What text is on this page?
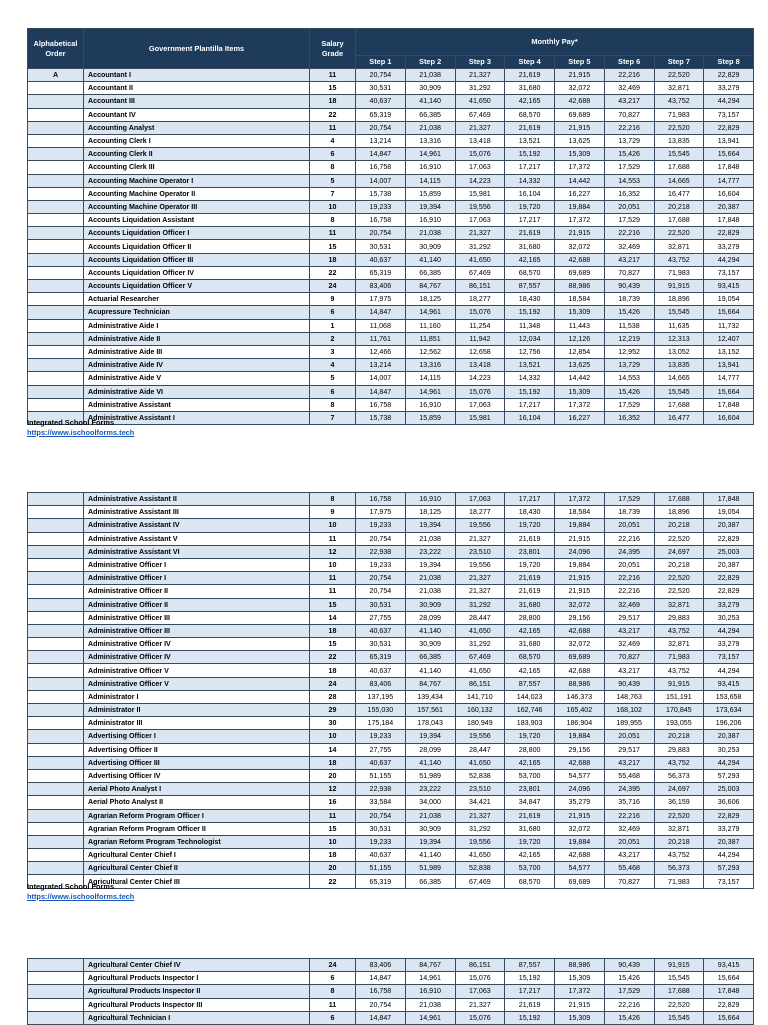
Alphabetical Order	Government Plantilla Items	Salary Grade	Monthly Pay*							
			Step 1	Step 2	Step 3	Step 4	Step 5	Step 6	Step 7	Step 8
A	Accountant I	11	20,754	21,038	21,327	21,619	21,915	22,216	22,520	22,829
	Accountant II	15	30,531	30,909	31,292	31,680	32,072	32,469	32,871	33,279
	Accountant III	18	40,637	41,140	41,650	42,165	42,688	43,217	43,752	44,294
	Accountant IV	22	65,319	66,385	67,469	68,570	69,689	70,827	71,983	73,157
	Accounting Analyst	11	20,754	21,038	21,327	21,619	21,915	22,216	22,520	22,829
	Accounting Clerk I	4	13,214	13,316	13,418	13,521	13,625	13,729	13,835	13,941
	Accounting Clerk II	6	14,847	14,961	15,076	15,192	15,309	15,426	15,545	15,664
	Accounting Clerk III	8	16,758	16,910	17,063	17,217	17,372	17,529	17,688	17,848
	Accounting Machine Operator I	5	14,007	14,115	14,223	14,332	14,442	14,553	14,665	14,777
	Accounting Machine Operator II	7	15,738	15,859	15,981	16,104	16,227	16,352	16,477	16,604
	Accounting Machine Operator III	10	19,233	19,394	19,556	19,720	19,884	20,051	20,218	20,387
	Accounts Liquidation Assistant	8	16,758	16,910	17,063	17,217	17,372	17,529	17,688	17,848
	Accounts Liquidation Officer I	11	20,754	21,038	21,327	21,619	21,915	22,216	22,520	22,829
	Accounts Liquidation Officer II	15	30,531	30,909	31,292	31,680	32,072	32,469	32,871	33,279
	Accounts Liquidation Officer III	18	40,637	41,140	41,650	42,165	42,688	43,217	43,752	44,294
	Accounts Liquidation Officer IV	22	65,319	66,385	67,469	68,570	69,689	70,827	71,983	73,157
	Accounts Liquidation Officer V	24	83,406	84,767	86,151	87,557	88,986	90,439	91,915	93,415
	Actuarial Researcher	9	17,975	18,125	18,277	18,430	18,584	18,739	18,896	19,054
	Acupressure Technician	6	14,847	14,961	15,076	15,192	15,309	15,426	15,545	15,664
	Administrative Aide I	1	11,068	11,160	11,254	11,348	11,443	11,538	11,635	11,732
	Administrative Aide II	2	11,761	11,851	11,942	12,034	12,126	12,219	12,313	12,407
	Administrative Aide III	3	12,466	12,562	12,658	12,756	12,854	12,952	13,052	13,152
	Administrative Aide IV	4	13,214	13,316	13,418	13,521	13,625	13,729	13,835	13,941
	Administrative Aide V	5	14,007	14,115	14,223	14,332	14,442	14,553	14,665	14,777
	Administrative Aide VI	6	14,847	14,961	15,076	15,192	15,309	15,426	15,545	15,664
	Administrative Assistant	8	16,758	16,910	17,063	17,217	17,372	17,529	17,688	17,848
	Administrative Assistant I	7	15,738	15,859	15,981	16,104	16,227	16,352	16,477	16,604
Integrated School Forms
https://www.ischoolforms.tech
	Administrative Assistant II	8	16,758	16,910	17,063	17,217	17,372	17,529	17,688	17,848
	Administrative Assistant III	9	17,975	18,125	18,277	18,430	18,584	18,739	18,896	19,054
	Administrative Assistant IV	10	19,233	19,394	19,556	19,720	19,884	20,051	20,218	20,387
	Administrative Assistant V	11	20,754	21,038	21,327	21,619	21,915	22,216	22,520	22,829
	Administrative Assistant VI	12	22,938	23,222	23,510	23,801	24,096	24,395	24,697	25,003
	Administrative Officer I	10	19,233	19,394	19,556	19,720	19,884	20,051	20,218	20,387
	Administrative Officer I	11	20,754	21,038	21,327	21,619	21,915	22,216	22,520	22,829
	Administrative Officer II	11	20,754	21,038	21,327	21,619	21,915	22,216	22,520	22,829
	Administrative Officer II	15	30,531	30,909	31,292	31,680	32,072	32,469	32,871	33,279
	Administrative Officer III	14	27,755	28,099	28,447	28,800	29,156	29,517	29,883	30,253
	Administrative Officer III	18	40,637	41,140	41,650	42,165	42,688	43,217	43,752	44,294
	Administrative Officer IV	15	30,531	30,909	31,292	31,680	32,072	32,469	32,871	33,279
	Administrative Officer IV	22	65,319	66,385	67,469	68,570	69,689	70,827	71,983	73,157
	Administrative Officer V	18	40,637	41,140	41,650	42,165	42,688	43,217	43,752	44,294
	Administrative Officer V	24	83,406	84,767	86,151	87,557	88,986	90,439	91,915	93,415
	Administrator I	28	137,195	139,434	141,710	144,023	146,373	148,763	151,191	153,658
	Administrator II	29	155,030	157,561	160,132	162,746	165,402	168,102	170,845	173,634
	Administrator III	30	175,184	178,043	180,949	183,903	186,904	189,955	193,055	196,206
	Advertising Officer I	10	19,233	19,394	19,556	19,720	19,884	20,051	20,218	20,387
	Advertising Officer II	14	27,755	28,099	28,447	28,800	29,156	29,517	29,883	30,253
	Advertising Officer III	18	40,637	41,140	41,650	42,165	42,688	43,217	43,752	44,294
	Advertising Officer IV	20	51,155	51,989	52,838	53,700	54,577	55,468	56,373	57,293
	Aerial Photo Analyst I	12	22,938	23,222	23,510	23,801	24,096	24,395	24,697	25,003
	Aerial Photo Analyst II	16	33,584	34,000	34,421	34,847	35,279	35,716	36,159	36,606
	Agrarian Reform Program Officer I	11	20,754	21,038	21,327	21,619	21,915	22,216	22,520	22,829
	Agrarian Reform Program Officer II	15	30,531	30,909	31,292	31,680	32,072	32,469	32,871	33,279
	Agrarian Reform Program Technologist	10	19,233	19,394	19,556	19,720	19,884	20,051	20,218	20,387
	Agricultural Center Chief I	18	40,637	41,140	41,650	42,165	42,688	43,217	43,752	44,294
	Agricultural Center Chief II	20	51,155	51,989	52,838	53,700	54,577	55,468	56,373	57,293
	Agricultural Center Chief III	22	65,319	66,385	67,469	68,570	69,689	70,827	71,983	73,157
Integrated School Forms
https://www.ischoolforms.tech
	Agricultural Center Chief IV	24	83,406	84,767	86,151	87,557	88,986	90,439	91,915	93,415
	Agricultural Products Inspector I	6	14,847	14,961	15,076	15,192	15,309	15,426	15,545	15,664
	Agricultural Products Inspector II	8	16,758	16,910	17,063	17,217	17,372	17,529	17,688	17,848
	Agricultural Products Inspector III	11	20,754	21,038	21,327	21,619	21,915	22,216	22,520	22,829
	Agricultural Technician I	6	14,847	14,961	15,076	15,192	15,309	15,426	15,545	15,664
